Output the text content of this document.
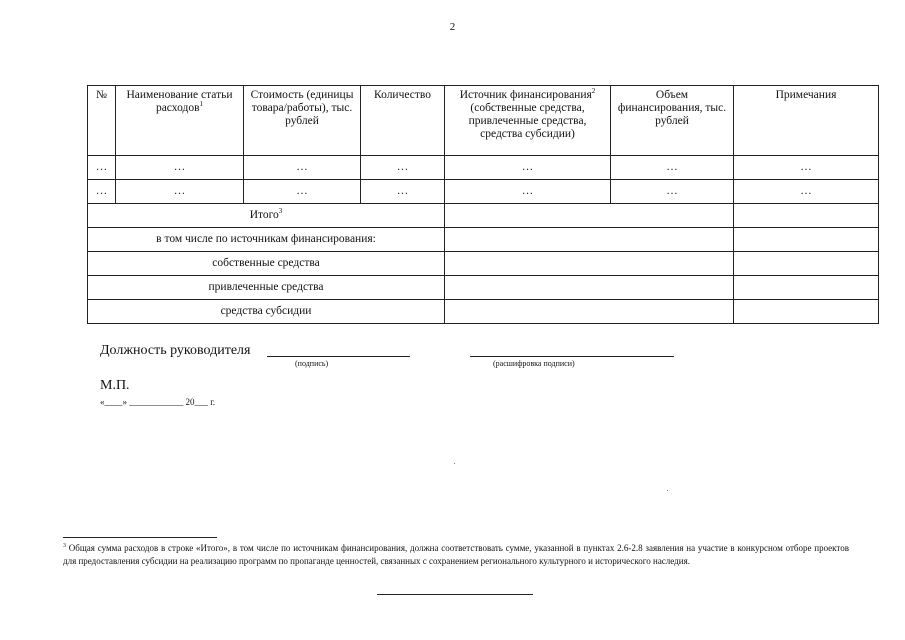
2
№	Наименование статьи расходов$^1$	Стоимость (единицы товара/работы), тыс. рублей	Количество	Источник финансирования$^2$ (собственные средства, привлеченные средства, средства субсидии)	Объем финансирования, тыс. рублей	Примечания
…	…	…	…	…	…	…
…	…	…	…	…	…	…
Итого$^3$		
в том числе по источникам финансирования:						
собственные средства						
привлеченные средства						
средства субсидии						
Должность руководителя
(подпись)	(расшифровка подписи)
М.П.
«____» ____________ 20___ г.
$^3$ Общая сумма расходов в строке «Итого», в том числе по источникам финансирования, должна соответствовать сумме, указанной в пунктах 2.6-2.8 заявления на участие в конкурсном отборе проектов для предоставления субсидии на реализацию программ по пропаганде ценностей, связанных с сохранением регионального культурного и исторического наследия.
